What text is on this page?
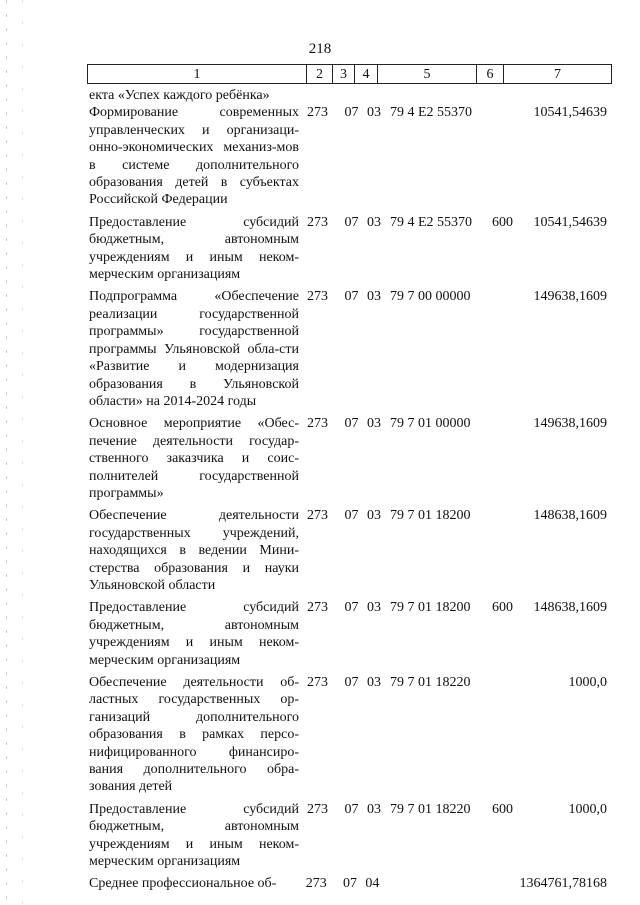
218
1	2	3	4	5	6	7
екта «Успех каждого ребёнка»
Формирование современных управленческих и организаци-онно-экономических механиз-мов в системе дополнительного образования детей в субъектах Российской Федерации
273	07 03 79 4 E2 55370	10541,54639
Предоставление субсидий бюджетным, автономным учреждениям и иным неком-мерческим организациям
273	07 03 79 4 E2 55370	600	10541,54639
Подпрограмма «Обеспечение реализации государственной программы» государственной программы Ульяновской обла-сти «Развитие и модернизация образования в Ульяновской области» на 2014-2024 годы
273	07 03 79 7 00 00000	149638,1609
Основное мероприятие «Обес-печение деятельности государ-ственного заказчика и соис-полнителей государственной программы»
273	07 03 79 7 01 00000	149638,1609
Обеспечение деятельности государственных учреждений, находящихся в ведении Мини-стерства образования и науки Ульяновской области
273	07 03 79 7 01 18200	148638,1609
Предоставление субсидий бюджетным, автономным учреждениям и иным неком-мерческим организациям
273	07 03 79 7 01 18200	600	148638,1609
Обеспечение деятельности об-ластных государственных ор-ганизаций дополнительного образования в рамках персо-нифицированного финансиро-вания дополнительного обра-зования детей
273	07 03 79 7 01 18220	1000,0
Предоставление субсидий бюджетным, автономным учреждениям и иным неком-мерческим организациям
273	07 03 79 7 01 18220	600	1000,0
Среднее профессиональное об-	273	07 04	1364761,78168
